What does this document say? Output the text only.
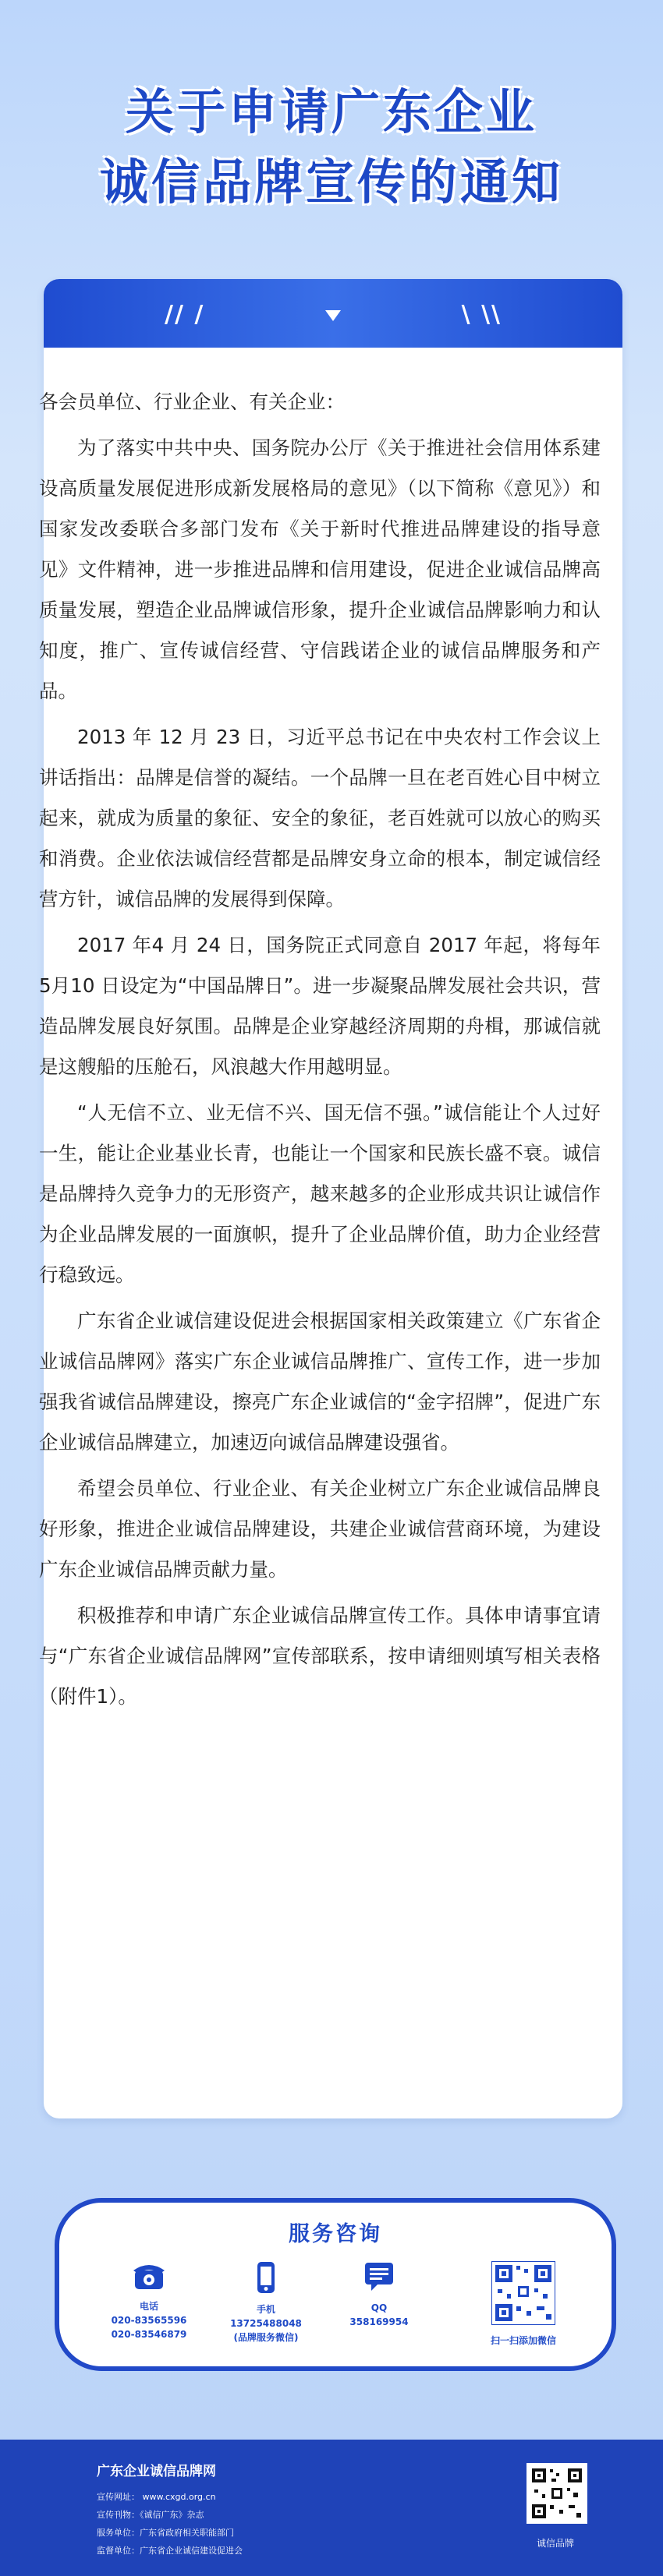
关于申请广东企业
诚信品牌宣传的通知
// /	\ \\

各会员单位、行业企业、有关企业：

为了落实中共中央、国务院办公厅《关于推进社会信用体系建设高质量发展促进形成新发展格局的意见》（以下简称《意见》）和国家发改委联合多部门发布《关于新时代推进品牌建设的指导意见》文件精神，进一步推进品牌和信用建设，促进企业诚信品牌高质量发展，塑造企业品牌诚信形象，提升企业诚信品牌影响力和认知度，推广、宣传诚信经营、守信践诺企业的诚信品牌服务和产品。

2013 年 12 月 23 日，习近平总书记在中央农村工作会议上讲话指出：品牌是信誉的凝结。一个品牌一旦在老百姓心目中树立起来，就成为质量的象征、安全的象征，老百姓就可以放心的购买和消费。企业依法诚信经营都是品牌安身立命的根本，制定诚信经营方针，诚信品牌的发展得到保障。

2017 年4 月 24 日，国务院正式同意自 2017 年起，将每年 5月10 日设定为“中国品牌日”。进一步凝聚品牌发展社会共识，营造品牌发展良好氛围。品牌是企业穿越经济周期的舟楫，那诚信就是这艘船的压舱石，风浪越大作用越明显。

“人无信不立、业无信不兴、国无信不强。”诚信能让个人过好一生，能让企业基业长青，也能让一个国家和民族长盛不衰。诚信是品牌持久竞争力的无形资产，越来越多的企业形成共识让诚信作为企业品牌发展的一面旗帜，提升了企业品牌价值，助力企业经营行稳致远。

广东省企业诚信建设促进会根据国家相关政策建立《广东省企业诚信品牌网》落实广东企业诚信品牌推广、宣传工作，进一步加强我省诚信品牌建设，擦亮广东企业诚信的“金字招牌”，促进广东企业诚信品牌建立，加速迈向诚信品牌建设强省。

希望会员单位、行业企业、有关企业树立广东企业诚信品牌良好形象，推进企业诚信品牌建设，共建企业诚信营商环境，为建设广东企业诚信品牌贡献力量。

积极推荐和申请广东企业诚信品牌宣传工作。具体申请事宜请与“广东省企业诚信品牌网”宣传部联系，按申请细则填写相关表格（附件1）。

服务咨询
电话
020-83565596
020-83546879
手机
13725488048
(品牌服务微信)
QQ
358169954
扫一扫添加微信
广东企业诚信品牌网
宣传网址： www.cxgd.org.cn
宣传刊物：《诚信广东》杂志
服务单位：广东省政府相关职能部门
监督单位：广东省企业诚信建设促进会
诚信品牌
